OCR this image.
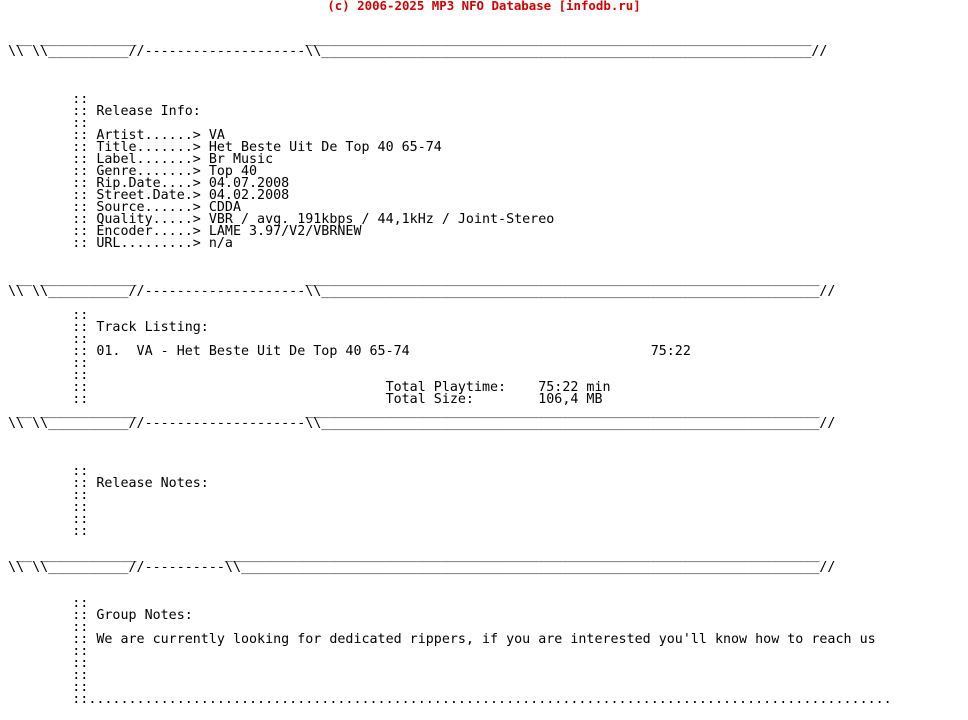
(c) 2006-2025 MP3 NFO Database [infodb.ru]
__ ____________                     _______________________________________________________________
\\ \\__________//--------------------\\_____________________________________________________________//

::
:: Release Info:
::
:: Artist......> VA
:: Title.......> Het Beste Uit De Top 40 65-74
:: Label.......> Br Music
:: Genre.......> Top 40
:: Rip.Date....> 04.07.2008
:: Street.Date.> 04.02.2008
:: Source......> CDDA
:: Quality.....> VBR / avg. 191kbps / 44,1kHz / Joint-Stereo
:: Encoder.....> LAME 3.97/V2/VBRNEW
:: URL.........> n/a

__ ____________                     ________________________________________________________________
\\ \\__________//--------------------\\______________________________________________________________//

::
:: Track Listing:
::
:: 01.  VA - Het Beste Uit De Top 40 65-74                              75:22
::
::
::                                     Total Playtime:    75:22 min
::                                     Total Size:        106,4 MB
__ ____________                     ________________________________________________________________
\\ \\__________//--------------------\\______________________________________________________________//

::
:: Release Notes:
::
::
::
::

__ ____________           __________________________________________________________________________
\\ \\__________//----------\\________________________________________________________________________//

::
:: Group Notes:
::
:: We are currently looking for dedicated rippers, if you are interested you'll know how to reach us
::
::
::
::
::....................................................................................................
